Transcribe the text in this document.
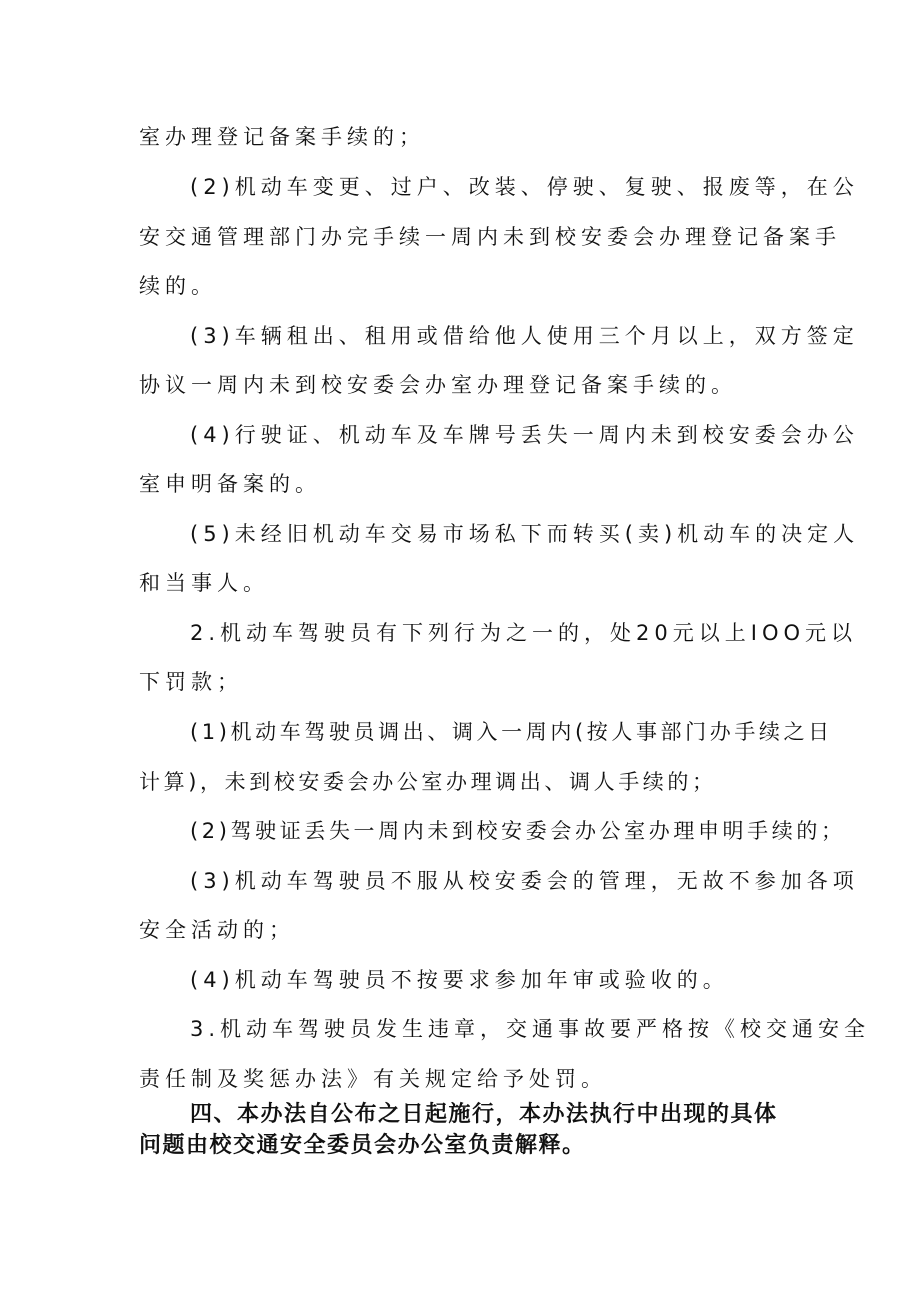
室办理登记备案手续的；
(2)机动车变更、过户、改装、停驶、复驶、报废等，在公
安交通管理部门办完手续一周内未到校安委会办理登记备案手
续的。
(3)车辆租出、租用或借给他人使用三个月以上，双方签定
协议一周内未到校安委会办室办理登记备案手续的。
(4)行驶证、机动车及车牌号丢失一周内未到校安委会办公
室申明备案的。
(5)未经旧机动车交易市场私下而转买(卖)机动车的决定人
和当事人。
2.机动车驾驶员有下列行为之一的，处20元以上IOO元以
下罚款；
(1)机动车驾驶员调出、调入一周内(按人事部门办手续之日
计算)，未到校安委会办公室办理调出、调人手续的；
(2)驾驶证丢失一周内未到校安委会办公室办理申明手续的；
(3)机动车驾驶员不服从校安委会的管理，无故不参加各项
安全活动的；
(4)机动车驾驶员不按要求参加年审或验收的。
3.机动车驾驶员发生违章，交通事故要严格按《校交通安全
责任制及奖惩办法》有关规定给予处罚。
四、本办法自公布之日起施行，本办法执行中出现的具体
问题由校交通安全委员会办公室负责解释。
